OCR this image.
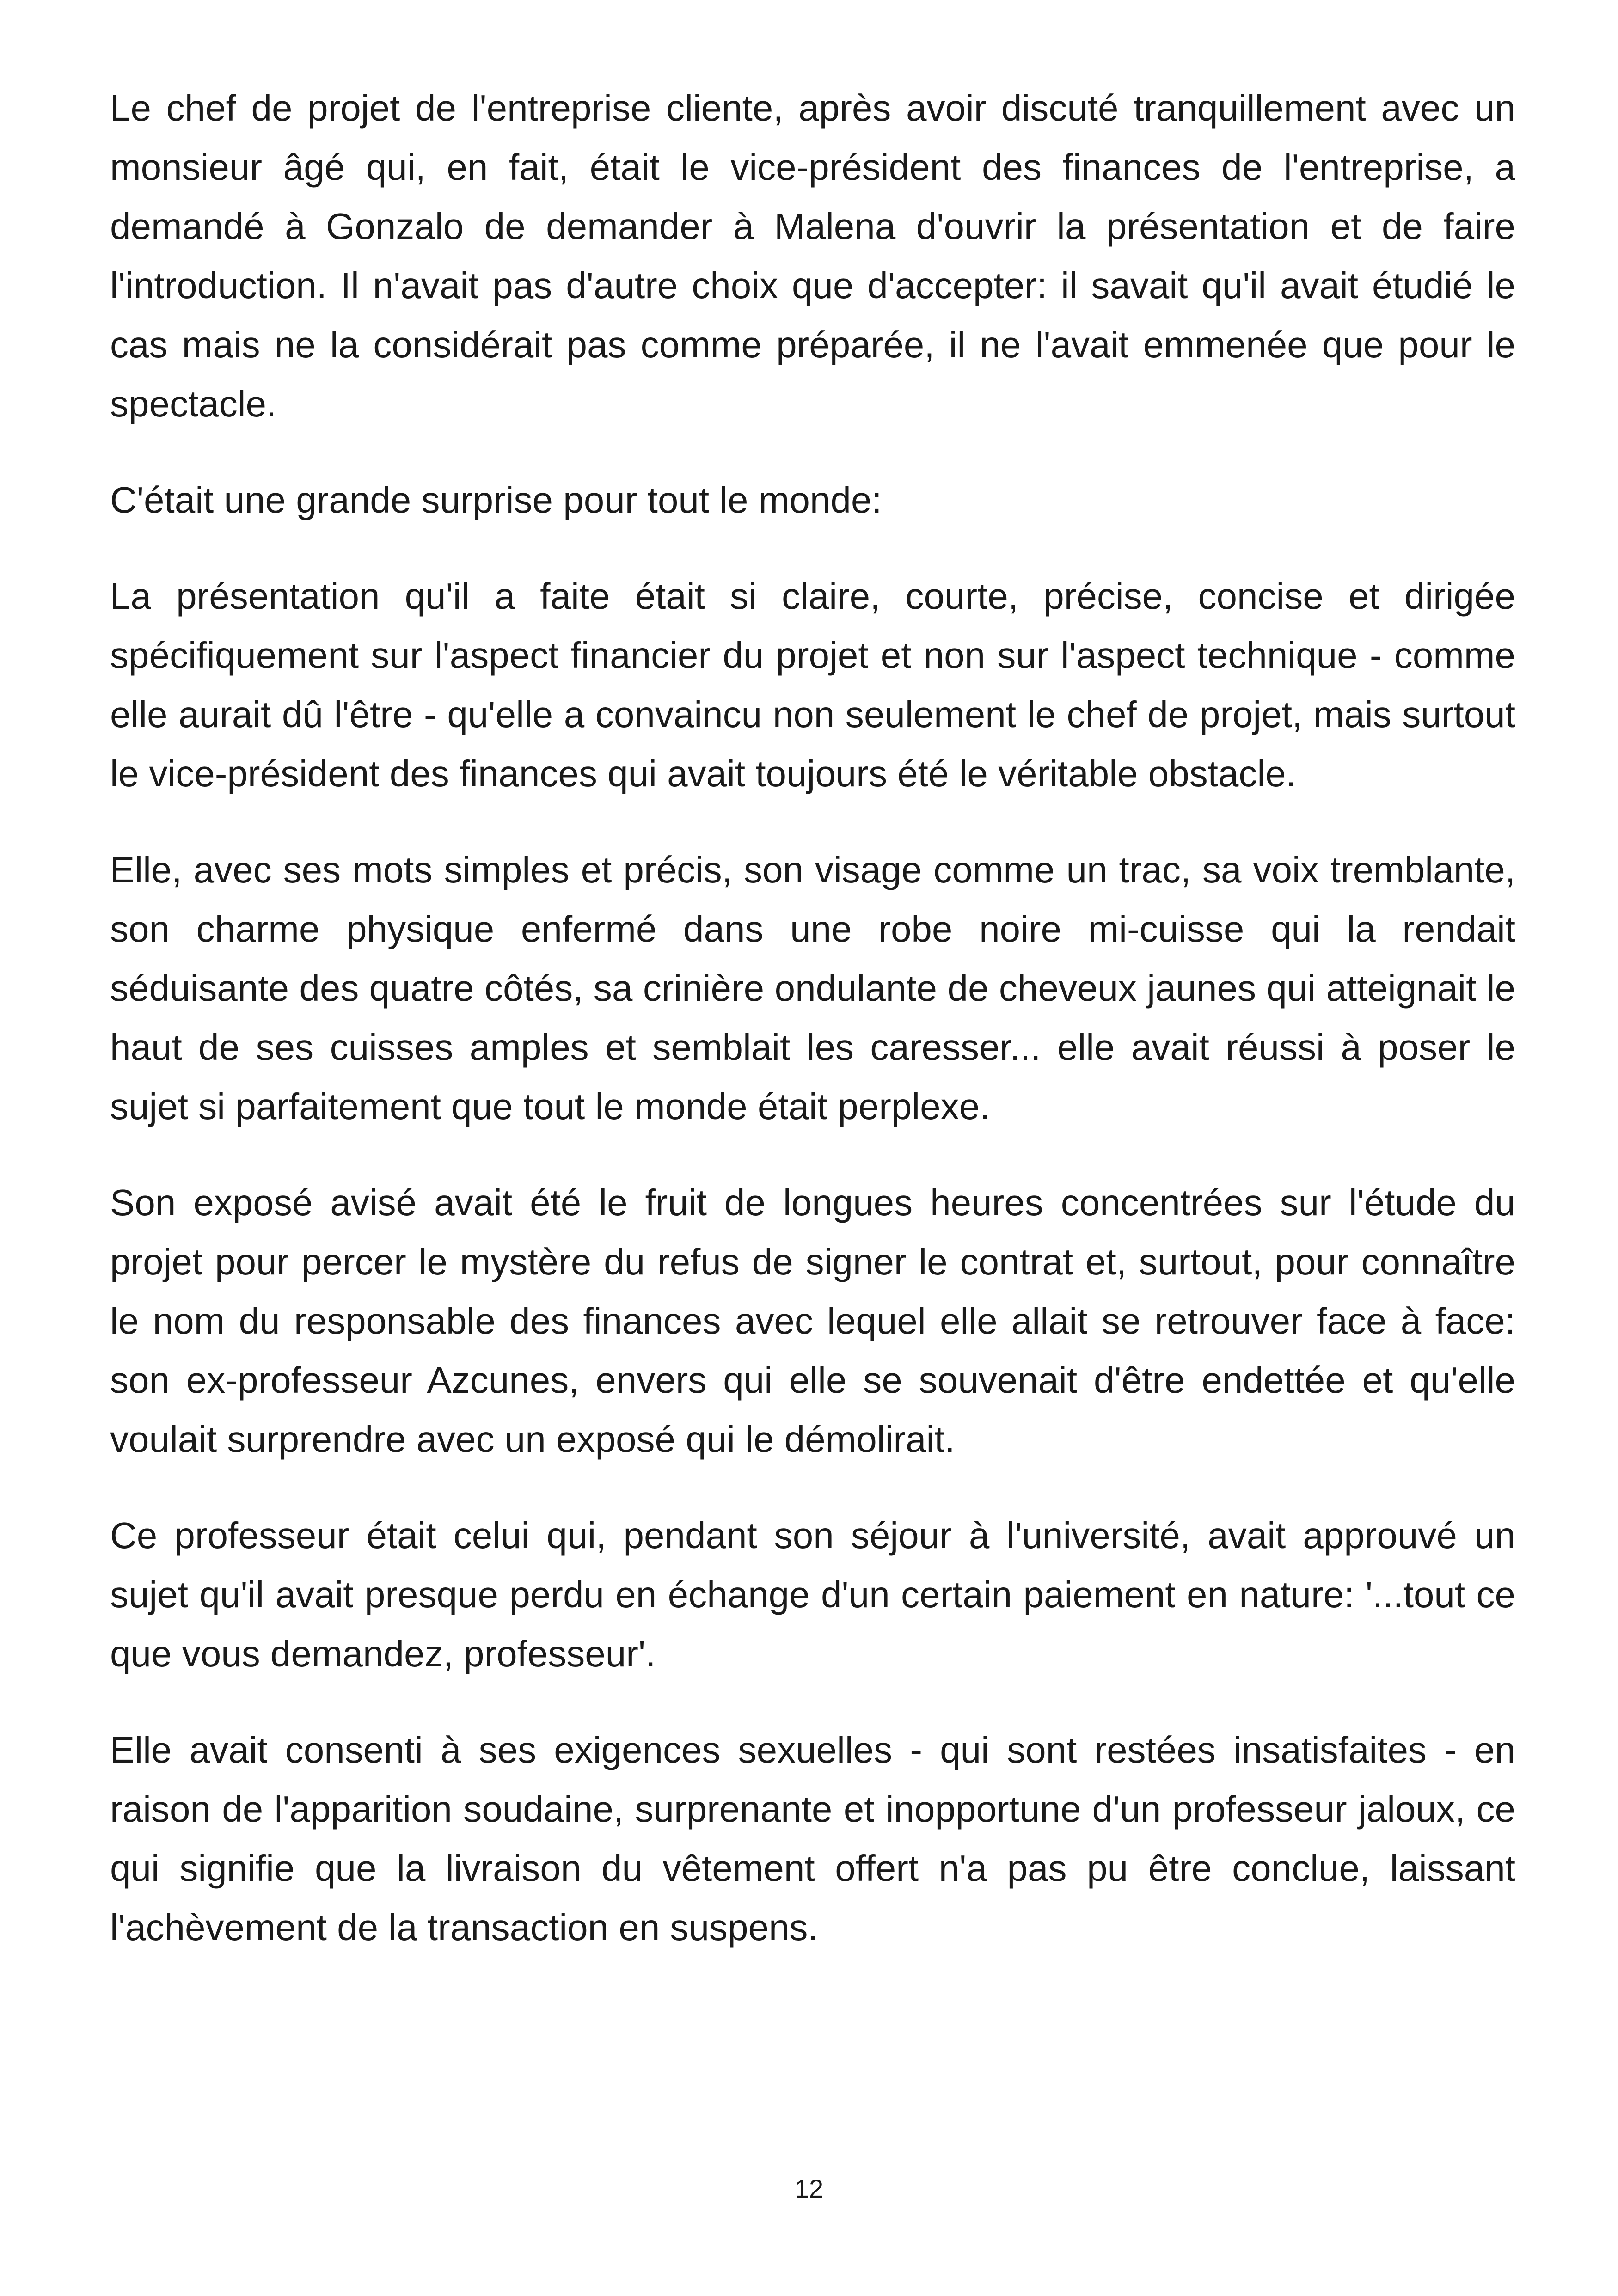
Le chef de projet de l'entreprise cliente, après avoir discuté tranquillement avec un monsieur âgé qui, en fait, était le vice-président des finances de l'entreprise, a demandé à Gonzalo de demander à Malena d'ouvrir la présentation et de faire l'introduction. Il n'avait pas d'autre choix que d'accepter: il savait qu'il avait étudié le cas mais ne la considérait pas comme préparée, il ne l'avait emmenée que pour le spectacle.

C'était une grande surprise pour tout le monde:

La présentation qu'il a faite était si claire, courte, précise, concise et dirigée spécifiquement sur l'aspect financier du projet et non sur l'aspect technique - comme elle aurait dû l'être - qu'elle a convaincu non seulement le chef de projet, mais surtout le vice-président des finances qui avait toujours été le véritable obstacle.

Elle, avec ses mots simples et précis, son visage comme un trac, sa voix tremblante, son charme physique enfermé dans une robe noire mi-cuisse qui la rendait séduisante des quatre côtés, sa crinière ondulante de cheveux jaunes qui atteignait le haut de ses cuisses amples et semblait les caresser... elle avait réussi à poser le sujet si parfaitement que tout le monde était perplexe.

Son exposé avisé avait été le fruit de longues heures concentrées sur l'étude du projet pour percer le mystère du refus de signer le contrat et, surtout, pour connaître le nom du responsable des finances avec lequel elle allait se retrouver face à face: son ex-professeur Azcunes, envers qui elle se souvenait d'être endettée et qu'elle voulait surprendre avec un exposé qui le démolirait.

Ce professeur était celui qui, pendant son séjour à l'université, avait approuvé un sujet qu'il avait presque perdu en échange d'un certain paiement en nature: '...tout ce que vous demandez, professeur'.

Elle avait consenti à ses exigences sexuelles - qui sont restées insatisfaites - en raison de l'apparition soudaine, surprenante et inopportune d'un professeur jaloux, ce qui signifie que la livraison du vêtement offert n'a pas pu être conclue, laissant l'achèvement de la transaction en suspens.

12
